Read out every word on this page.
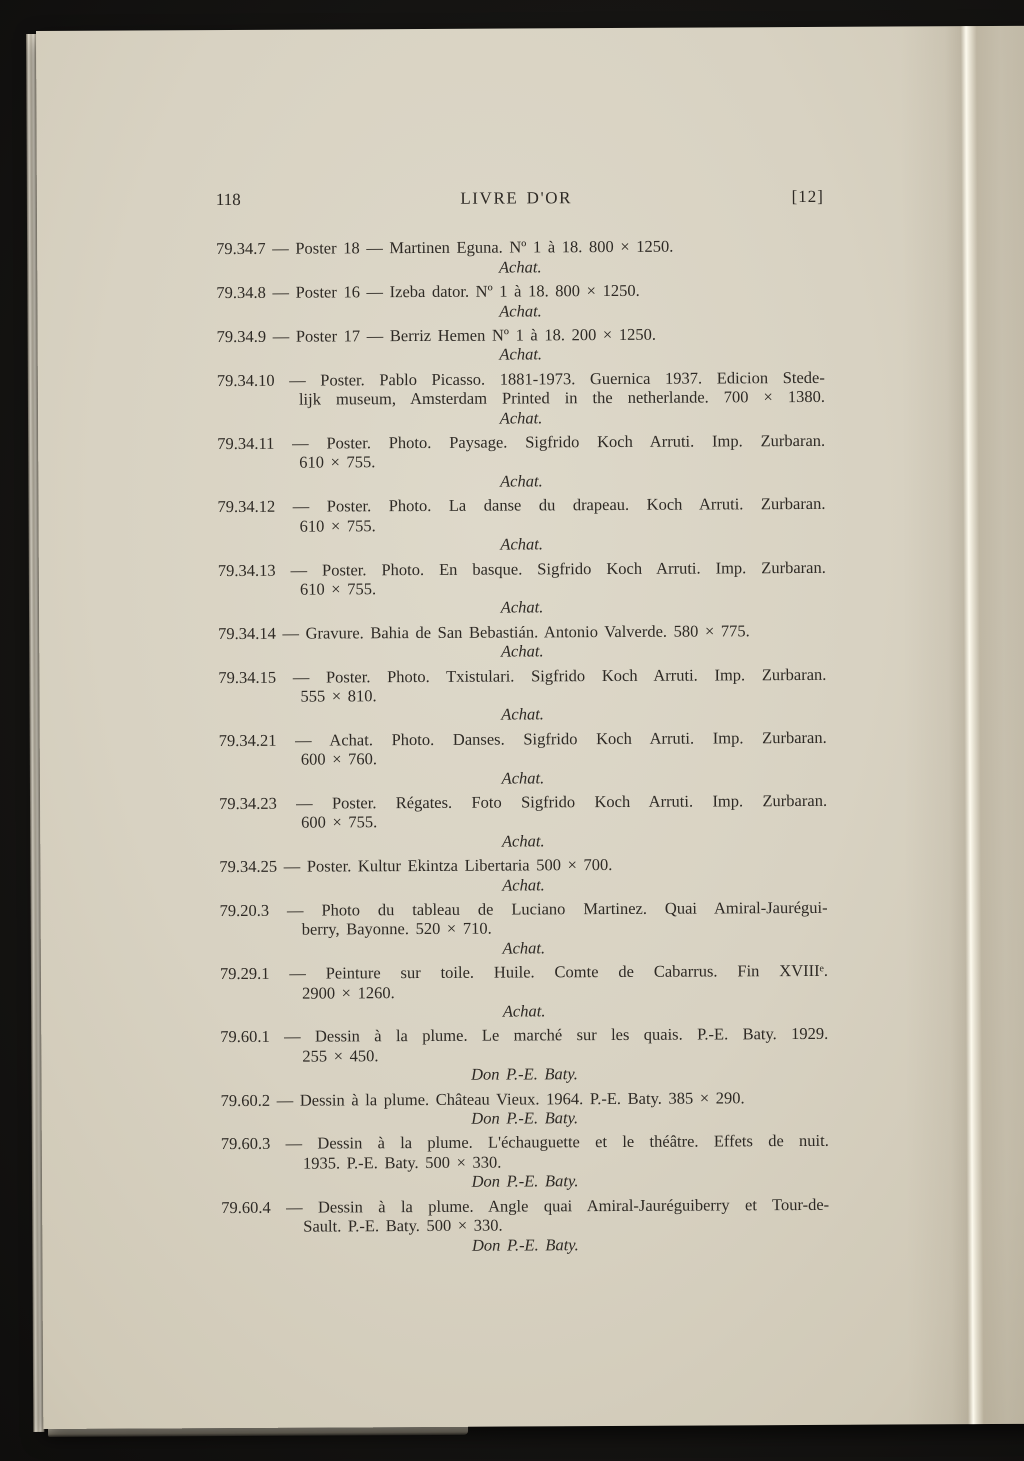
118	LIVRE D'OR	[12]
79.34.7 — Poster 18 — Martinen Eguna. Nº 1 à 18. 800 × 1250.
Achat.
79.34.8 — Poster 16 — Izeba dator. Nº 1 à 18. 800 × 1250.
Achat.
79.34.9 — Poster 17 — Berriz Hemen Nº 1 à 18. 200 × 1250.
Achat.
79.34.10 — Poster. Pablo Picasso. 1881-1973. Guernica 1937. Edicion Stede-
lijk museum, Amsterdam Printed in the netherlande. 700 × 1380.
Achat.
79.34.11 — Poster. Photo. Paysage. Sigfrido Koch Arruti. Imp. Zurbaran.
610 × 755.
Achat.
79.34.12 — Poster. Photo. La danse du drapeau. Koch Arruti. Zurbaran.
610 × 755.
Achat.
79.34.13 — Poster. Photo. En basque. Sigfrido Koch Arruti. Imp. Zurbaran.
610 × 755.
Achat.
79.34.14 — Gravure. Bahia de San Bebastián. Antonio Valverde. 580 × 775.
Achat.
79.34.15 — Poster. Photo. Txistulari. Sigfrido Koch Arruti. Imp. Zurbaran.
555 × 810.
Achat.
79.34.21 — Achat. Photo. Danses. Sigfrido Koch Arruti. Imp. Zurbaran.
600 × 760.
Achat.
79.34.23 — Poster. Régates. Foto Sigfrido Koch Arruti. Imp. Zurbaran.
600 × 755.
Achat.
79.34.25 — Poster. Kultur Ekintza Libertaria 500 × 700.
Achat.
79.20.3 — Photo du tableau de Luciano Martinez. Quai Amiral-Jaurégui-
berry, Bayonne. 520 × 710.
Achat.
79.29.1 — Peinture sur toile. Huile. Comte de Cabarrus. Fin XVIIIᵉ.
2900 × 1260.
Achat.
79.60.1 — Dessin à la plume. Le marché sur les quais. P.-E. Baty. 1929.
255 × 450.
Don P.-E. Baty.
79.60.2 — Dessin à la plume. Château Vieux. 1964. P.-E. Baty. 385 × 290.
Don P.-E. Baty.
79.60.3 — Dessin à la plume. L'échauguette et le théâtre. Effets de nuit.
1935. P.-E. Baty. 500 × 330.
Don P.-E. Baty.
79.60.4 — Dessin à la plume. Angle quai Amiral-Jauréguiberry et Tour-de-
Sault. P.-E. Baty. 500 × 330.
Don P.-E. Baty.
